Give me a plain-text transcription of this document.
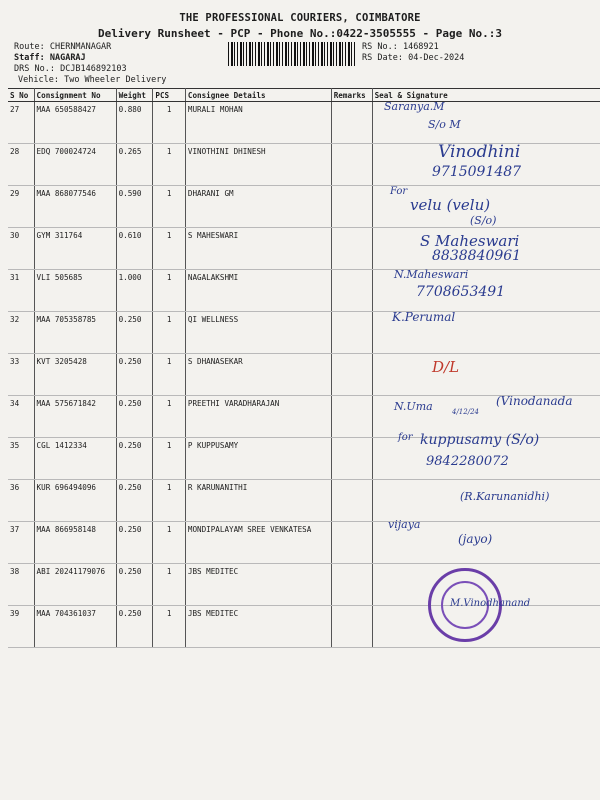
THE PROFESSIONAL COURIERS, COIMBATORE
Delivery Runsheet - PCP - Phone No.:0422-3505555 - Page No.:3
Route: CHERNMANAGAR
Staff: NAGARAJ
DRS No.: DCJB146892103
Vehicle: Two Wheeler Delivery
RS No.: 1468921
RS Date: 04-Dec-2024
S No	Consignment No	Weight	PCS	Consignee Details	Remarks	Seal & Signature
27	MAA 650588427	0.880	1	MURALI MOHAN		
28	EDQ 700024724	0.265	1	VINOTHINI DHINESH		
29	MAA 868077546	0.590	1	DHARANI GM		
30	GYM 311764	0.610	1	S MAHESWARI		
31	VLI 505685	1.000	1	NAGALAKSHMI		
32	MAA 705358785	0.250	1	QI WELLNESS		
33	KVT 3205428	0.250	1	S DHANASEKAR		
34	MAA 575671842	0.250	1	PREETHI VARADHARAJAN		
35	CGL 1412334	0.250	1	P KUPPUSAMY		
36	KUR 696494096	0.250	1	R KARUNANITHI		
37	MAA 866958148	0.250	1	MONDIPALAYAM SREE VENKATESA		
38	ABI 20241179076	0.250	1	JBS MEDITEC		
39	MAA 704361037	0.250	1	JBS MEDITEC		
Saranya.M
S/o M
Vinodhini
9715091487
For
velu (velu)
(S/o)
S Maheswari
8838840961
N.Maheswari
7708653491
K.Perumal
D/L
N.Uma	4/12/24
(Vinodanada
for kuppusamy (S/o)
9842280072
(R.Karunanidhi)
vijaya
(jayo)
M.Vinodhanand
